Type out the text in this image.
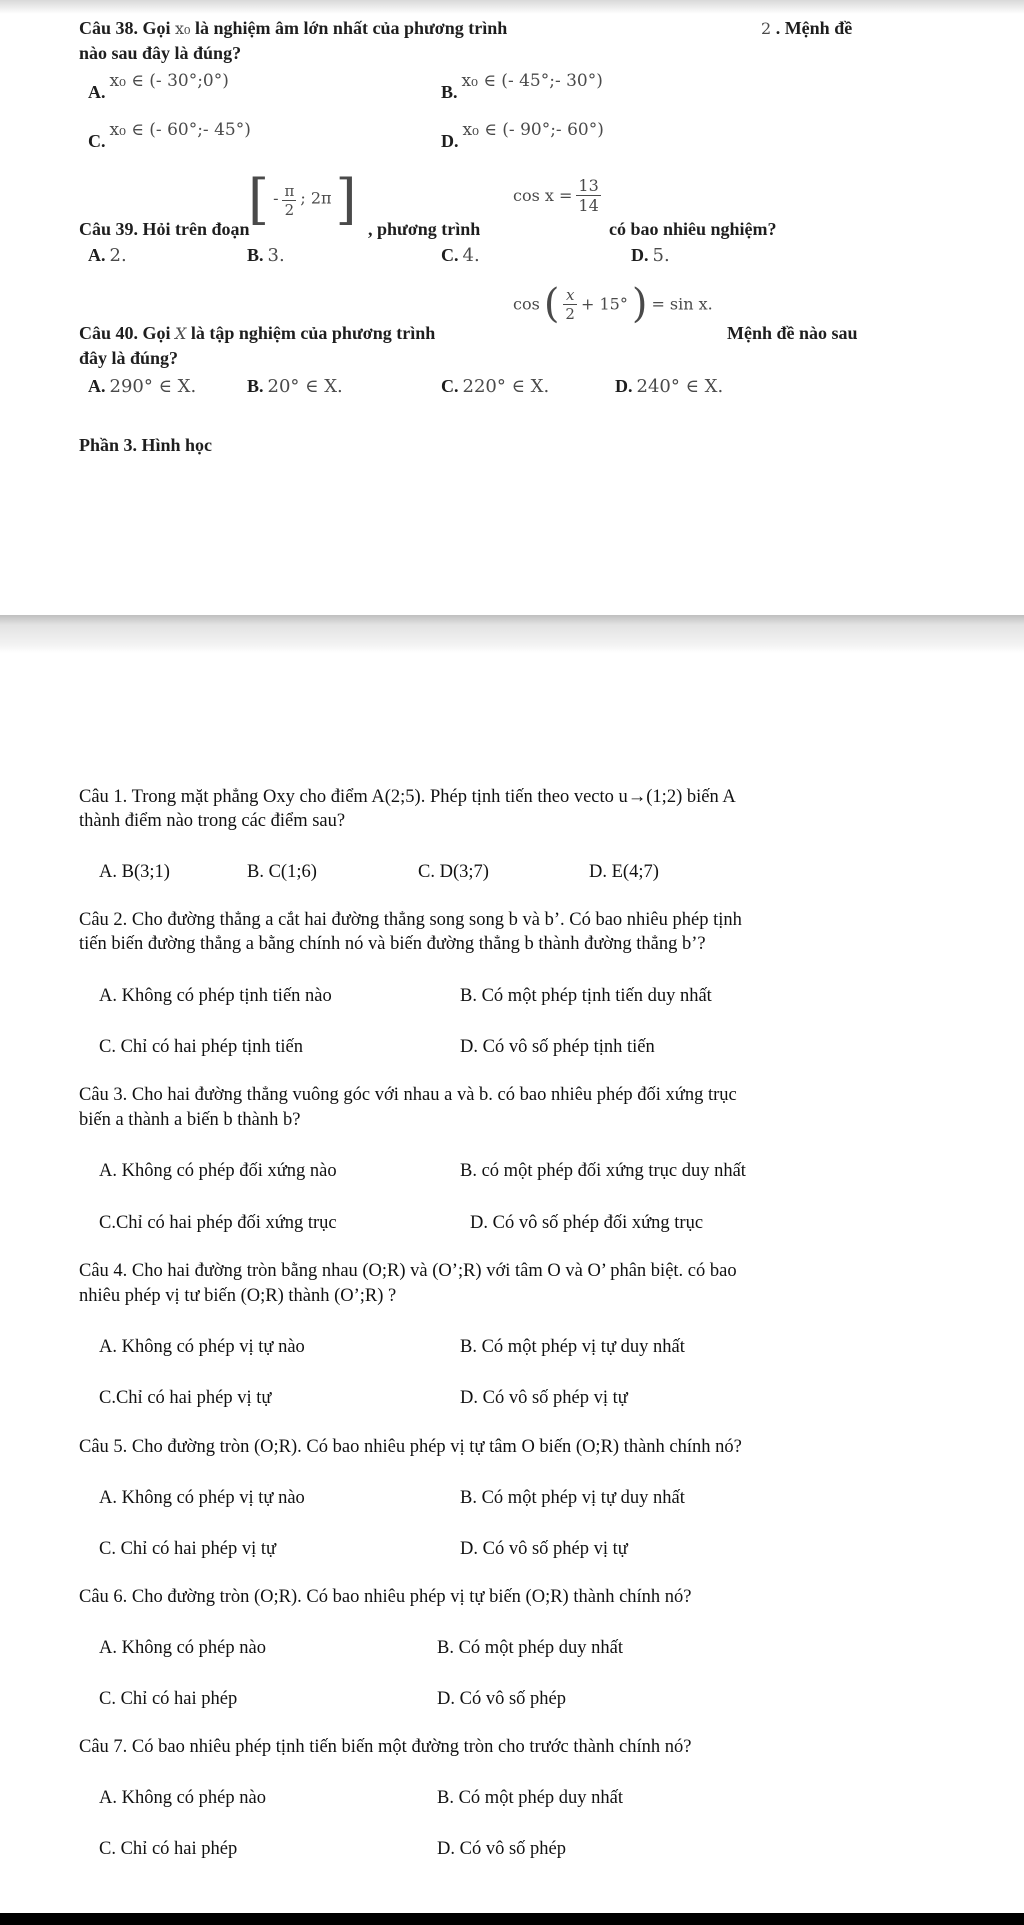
Câu 38. Gọi x₀ là nghiệm âm lớn nhất của phương trình	2 . Mệnh đề
nào sau đây là đúng?
A. x₀ ∈ (- 30°;0°)
B. x₀ ∈ (- 45°;- 30°)
C. x₀ ∈ (- 60°;- 45°)
D. x₀ ∈ (- 90°;- 60°)
Câu 39. Hỏi trên đoạn
[ - $\frac{\pi}{2}$ ; 2π ] , phương trình
$\cos x = \frac{13}{14}$
có bao nhiêu nghiệm?
A. 2.	B. 3.	C. 4.	D. 5.
Câu 40. Gọi X là tập nghiệm của phương trình
cos ( $\frac{x}{2} + 15^\circ$ ) = sin x.
Mệnh đề nào sau
đây là đúng?
A. 290° ∈ X.	B. 20° ∈ X.	C. 220° ∈ X.	D. 240° ∈ X.
Phần 3. Hình học
Câu 1. Trong mặt phẳng Oxy cho điểm A(2;5). Phép tịnh tiến theo vecto u→(1;2) biến A
thành điểm nào trong các điểm sau?
A. B(3;1)	B. C(1;6)	C. D(3;7)	D. E(4;7)
Câu 2. Cho đường thẳng a cắt hai đường thẳng song song b và b’. Có bao nhiêu phép tịnh
tiến biến đường thẳng a bằng chính nó và biến đường thẳng b thành đường thẳng b’?
A. Không có phép tịnh tiến nào	B. Có một phép tịnh tiến duy nhất
C. Chỉ có hai phép tịnh tiến	D. Có vô số phép tịnh tiến
Câu 3. Cho hai đường thẳng vuông góc với nhau a và b. có bao nhiêu phép đối xứng trục
biến a thành a biến b thành b?
A. Không có phép đối xứng nào	B. có một phép đối xứng trục duy nhất
C.Chỉ có hai phép đối xứng trục	D. Có vô số phép đối xứng trục
Câu 4. Cho hai đường tròn bằng nhau (O;R) và (O’;R) với tâm O và O’ phân biệt. có bao
nhiêu phép vị tư biến (O;R) thành (O’;R) ?
A. Không có phép vị tự nào	B. Có một phép vị tự duy nhất
C.Chỉ có hai phép vị tự	D. Có vô số phép vị tự
Câu 5. Cho đường tròn (O;R). Có bao nhiêu phép vị tự tâm O biến (O;R) thành chính nó?
A. Không có phép vị tự nào	B. Có một phép vị tự duy nhất
C. Chỉ có hai phép vị tự	D. Có vô số phép vị tự
Câu 6. Cho đường tròn (O;R). Có bao nhiêu phép vị tự biến (O;R) thành chính nó?
A. Không có phép nào	B. Có một phép duy nhất
C. Chỉ có hai phép	D. Có vô số phép
Câu 7. Có bao nhiêu phép tịnh tiến biến một đường tròn cho trước thành chính nó?
A. Không có phép nào	B. Có một phép duy nhất
C. Chỉ có hai phép	D. Có vô số phép
